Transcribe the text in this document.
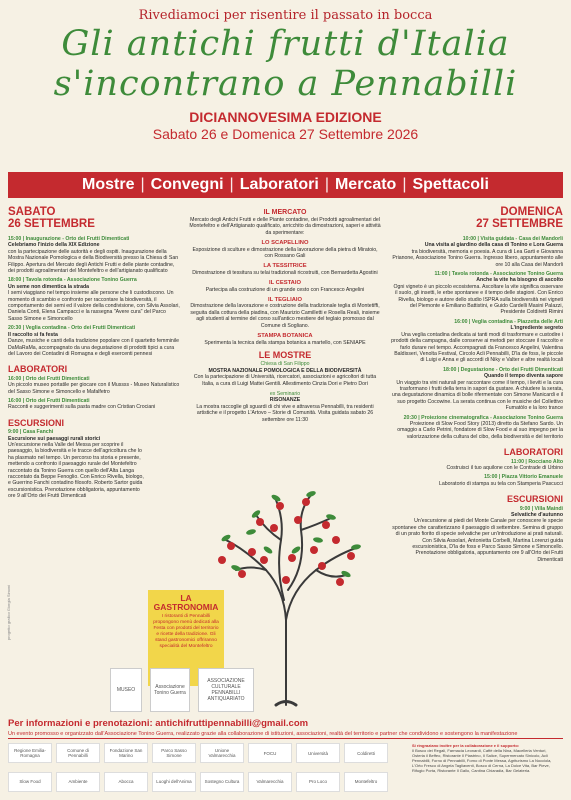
Rivediamoci per risentire il passato in bocca
Gli antichi frutti d'Italia
s'incontrano a Pennabilli
DICIANNOVESIMA EDIZIONE
Sabato 26 e Domenica 27 Settembre 2026
Mostre | Convegni | Laboratori | Mercato | Spettacoli
SABATO
26 SETTEMBRE
15:00 | Inaugurazione - Orto dei Frutti Dimenticati
Celebriamo l'inizio della XIX Edizione
con la partecipazione delle autorità e degli ospiti. Inaugurazione della Mostra Nazionale Pomologica e della Biodiversità presso la Chiesa di San Filippo. Apertura del Mercato degli Antichi Frutti e delle piante contadine, dei prodotti agroalimentari del Montefeltro e dell'artigianato qualificato
18:00 | Tavola rotonda - Associazione Tonino Guerra
Un seme non dimentica la strada
I semi viaggiano nel tempo insieme alle persone che li custodiscono. Un momento di scambio e confronto per raccontare la biodiversità, il comportamento dei semi ed il valore della condivisione, con Silvia Assolari, Daniela Conti, Elena Campacci e la rassegna "Avere cura" del Parco Sasso Simone e Simoncello
20:30 | Veglia contadina - Orto dei Frutti Dimenticati
Il raccolto si fa festa
Danze, musiche e canti della tradizione popolare con il quartetto femminile DaMaRaMa, accompagnato da una degustazione di prodotti tipici a cura del Lavoro dei Contadini di Romagna e degli esercenti pennesi
LABORATORI
16:00 | Orto dei Frutti Dimenticati
Un piccolo museo portatile per giocare con il Mussss - Museo Naturalistico del Sasso Simone e Simoncello e Mafalfetro
16:00 | Orto dei Frutti Dimenticati
Racconti e suggerimenti sulla pasta madre con Cristian Crociani
ESCURSIONI
9:00 | Casa Fanchi
Escursione sui paesaggi rurali storici
Un'escursione nella Valle del Messa per scoprire il paesaggio, la biodiversità e le tracce dell'agricoltura che lo ha plasmato nel tempo. Un percorso tra storia e presente, mettendo a confronto il paesaggio rurale del Montefeltro raccontato da Tonino Guerra con quello dell'Alta Langa raccontato da Beppe Fenoglio. Con Enrico Rivella, biologo, e Guerrino Fanchi contadino filosofo. Roberto Sartor guida escursionistica. Prenotazione obbligatoria, appuntamento ore 9 all'Orto dei Frutti Dimenticati
IL MERCATO
Mercato degli Antichi Frutti e delle Piante contadine, dei Prodotti agroalimentari del Montefeltro e dell'Artigianato qualificato, arricchito da dimostrazioni, saperi e attività da sperimentare:
LO SCAPELLINO
Esposizione di sculture e dimostrazione della lavorazione della pietra di Miratoio, con Rossano Gali
LA TESSITRICE
Dimostrazione di tessitura su telai tradizionali ricostruiti, con Bernardetta Agostini
IL CESTAIO
Partecipa alla costruzione di un grande cesto con Francesco Angelini
IL TEGLIAIO
Dimostrazione della lavorazione e costruzione della tradizionale teglia di Montetiffi, seguita dalla cottura della piadina, con Maurizio Camilletti e Rosella Reali, insieme agli studenti al termine del corso sull'antico mestiere del teglaio promosso dal Comune di Sogliano.
STAMPA BOTANICA
Sperimenta la tecnica della stampa botanica a martello, con SENIAPE
LE MOSTRE
Chiesa di San Filippo
MOSTRA NAZIONALE POMOLOGICA E DELLA BIODIVERSITÀ
Con la partecipazione di Università, ricercatori, associazioni e agricoltori di tutta Italia, a cura di Luigi Mattei Gentili. Allestimento Cinzia Dori e Pietro Dori
ex Seminario
RISONANZE
La mostra raccoglie gli sguardi di chi vive e attraversa Pennabilli, tra residenti artistiche e il progetto L'Artovo – Storie di Comunità. Visita guidata sabato 26 settembre ore 11:30
DOMENICA
27 SETTEMBRE
10:00 | Visita guidata - Casa dei Mandorli
Una visita al giardino della casa di Tonino e Lora Guerra
tra biodiversità, memoria e poesia. A cura di Lea Garti e Giovanna Prianone, Associazione Tonino Guerra. Ingresso libero, appuntamento alle ore 10 alla Casa dei Mandorli
11:00 | Tavola rotonda - Associazione Tonino Guerra
Anche la vite ha bisogno di ascolto
Ogni vigneto è un piccolo ecosistema. Ascoltare la vite significa osservare il suolo, gli insetti, le erbe spontanee e il tempo delle stagioni. Con Enrico Rivella, biologo e autore dello studio ISPRA sulla biodiversità nei vigneti del Piemonte e Emiliano Battistini, e Guido Cardelli Masini Palazzi, Presidente Coldiretti Rimini
16:00 | Veglia contadina - Piazzetta delle Arti
L'ingrediente segreto
Una veglia contadina dedicata ai tanti modi di trasformare e custodire i prodotti della campagna, dalle conserve ai metodi per stoccare il raccolto e farlo durare nel tempo. Accompagnati da Francesco Angelini, Valentina Baldisseri, Venolta Festival, Circolo Acli Pennabilli, D'la de foss, le piccole di Luigi e Anna e gli accordi di Niky e Valter e altre realtà locali
18:00 | Degustazione - Orto dei Frutti Dimenticati
Quando il tempo diventa sapore
Un viaggio tra vini naturali per raccontare come il tempo, i lieviti e la cura trasformano i frutti della terra in sapori da gustare. A chiudere la serata, una degustazione dinamica di bolle rifermentate con Simone Manicardi e il suo progetto Cocowine. La serata continua con le musiche del Collettivo Fumatòlo e la loro trance
20:30 | Proiezione cinematografica - Associazione Tonino Guerra
Proiezione di Slow Food Story (2013) diretto da Stefano Sardo. Un omaggio a Carlo Petrini, fondatore di Slow Food e al suo impegno per la valorizzazione della cultura del cibo, della biodiversità e del territorio
LABORATORI
11:00 | Rocciano Alto
Costruisci il tuo aquilone con le Contrade di Urbino
15:00 | Piazza Vittorio Emanuele
Laboratorio di stampa su tela con Stamperia Pascucci
ESCURSIONI
9:00 | Villa Maindi
Selvatiche d'autunno
Un'escursione ai piedi del Monte Canale per conoscere le specie spontanee che caratterizzano il paesaggio di settembre. Semina di gruppo di un prato fiorito di specie selvatiche per un'introduzione ai prati naturali. Con Silvia Assolari, Antonietta Corbelli, Martina Lorenzi guida escursionistica, D'la de foss e Parco Sasso Simone e Simoncello. Prenotazione obbligatoria, appuntamento ore 9 all'Orto dei Frutti Dimenticati
LA GASTRONOMIA
I ristoranti di Pennabilli propongono menù dedicati alla Festa con prodotti del territorio e ricette della tradizione. Gli stand gastronomici offriranno specialità del Montefeltro
progetto grafico Giorgia Simoni
MUSEO	Associazione Tonino Guerra
ASSOCIAZIONE CULTURALE PENNABILLI ANTIQUARIATO
Per informazioni e prenotazioni: antichifruttipennabilli@gmail.com
Un evento promosso e organizzato dall'Associazione Tonino Guerra, realizzato grazie alla collaborazione di istituzioni, associazioni, realtà del territorio e partner che condividono e sostengono la manifestazione
Regione Emilia-Romagna
Comune di Pennabilli
Fondazione San Marino
Parco Sasso Simone
Unione Valmarecchia	FOCU	Università	Coldiretti
Slow Food	Ambiente	Abocca	Luoghi dell'Anima	Sostegno Cultura	Valmarecchia	Pro Loco	Montefeltro
Si ringraziano inoltre per la collaborazione e il supporto:
Il Bosco dei Regali, Farmacia Leonardi, Caffè della Nina, Macelleria Venturi, Osteria il Beffeo, Ristorante Il Piastrino, Il Salice, Supermercato Sinicolo, Acli Pennabilli, Forno di Pennabilli, Forno di Ponte Messa, Agriturismo La Nocciola, L'Orto Fresco di Angela Tagliaventi, Bosco di Cerna, La Dolce Vita, Bar Pieve, Rifugio Porta, Ristorante Il Gallo, Cantina Chiaradia, Bar Gelateria.
